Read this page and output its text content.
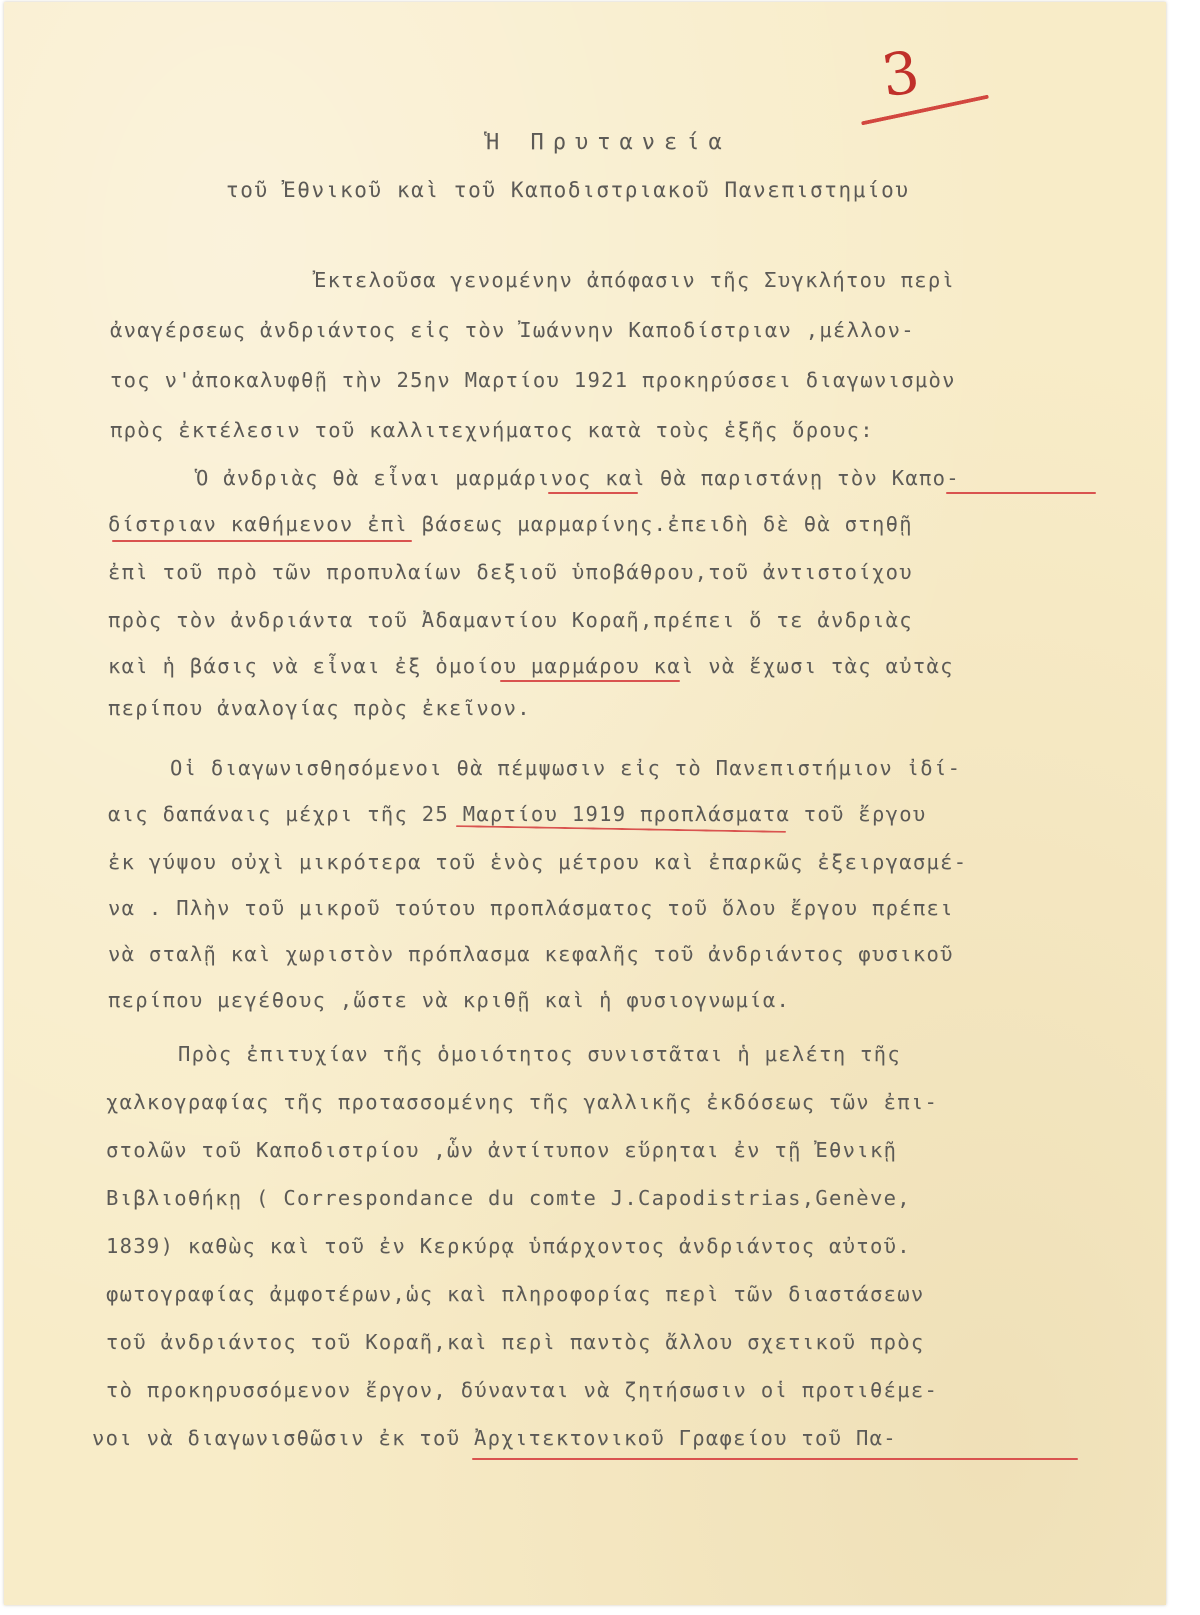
3
Ἡ Πρυτανεία
τοῦ Ἐθνικοῦ καὶ τοῦ Καποδιστριακοῦ Πανεπιστημίου
Ἐκτελοῦσα γενομένην ἀπόφασιν τῆς Συγκλήτου περὶ
ἀναγέρσεως ἀνδριάντος εἰς τὸν Ἰωάννην Καποδίστριαν ,μέλλον-
τος ν'ἀποκαλυφθῇ τὴν 25ην Μαρτίου 1921 προκηρύσσει διαγωνισμὸν
πρὸς ἐκτέλεσιν τοῦ καλλιτεχνήματος κατὰ τοὺς ἑξῆς ὅρους:
Ὁ ἀνδριὰς θὰ εἶναι μαρμάρινος καὶ θὰ παριστάνῃ τὸν Καπο-
δίστριαν καθήμενον ἐπὶ βάσεως μαρμαρίνης.ἐπειδὴ δὲ θὰ στηθῇ
ἐπὶ τοῦ πρὸ τῶν προπυλαίων δεξιοῦ ὑποβάθρου,τοῦ ἀντιστοίχου
πρὸς τὸν ἀνδριάντα τοῦ Ἀδαμαντίου Κοραῆ,πρέπει ὅ τε ἀνδριὰς
καὶ ἡ βάσις νὰ εἶναι ἐξ ὁμοίου μαρμάρου καὶ νὰ ἔχωσι τὰς αὐτὰς
περίπου ἀναλογίας πρὸς ἐκεῖνον.
Οἱ διαγωνισθησόμενοι θὰ πέμψωσιν εἰς τὸ Πανεπιστήμιον ἰδί-
αις δαπάναις μέχρι τῆς 25 Μαρτίου 1919 προπλάσματα τοῦ ἔργου
ἐκ γύψου οὐχὶ μικρότερα τοῦ ἑνὸς μέτρου καὶ ἐπαρκῶς ἐξειργασμέ-
να . Πλὴν τοῦ μικροῦ τούτου προπλάσματος τοῦ ὅλου ἔργου πρέπει
νὰ σταλῇ καὶ χωριστὸν πρόπλασμα κεφαλῆς τοῦ ἀνδριάντος φυσικοῦ
περίπου μεγέθους ,ὥστε νὰ κριθῇ καὶ ἡ φυσιογνωμία.
Πρὸς ἐπιτυχίαν τῆς ὁμοιότητος συνιστᾶται ἡ μελέτη τῆς
χαλκογραφίας τῆς προτασσομένης τῆς γαλλικῆς ἐκδόσεως τῶν ἐπι-
στολῶν τοῦ Καποδιστρίου ,ὧν ἀντίτυπον εὕρηται ἐν τῇ Ἐθνικῇ
Βιβλιοθήκῃ ( Correspondance du comte J.Capodistrias,Genève,
1839) καθὼς καὶ τοῦ ἐν Κερκύρᾳ ὑπάρχοντος ἀνδριάντος αὐτοῦ.
φωτογραφίας ἀμφοτέρων,ὡς καὶ πληροφορίας περὶ τῶν διαστάσεων
τοῦ ἀνδριάντος τοῦ Κοραῆ,καὶ περὶ παντὸς ἄλλου σχετικοῦ πρὸς
τὸ προκηρυσσόμενον ἔργον, δύνανται νὰ ζητήσωσιν οἱ προτιθέμε-
νοι νὰ διαγωνισθῶσιν ἐκ τοῦ Ἀρχιτεκτονικοῦ Γραφείου τοῦ Πα-
